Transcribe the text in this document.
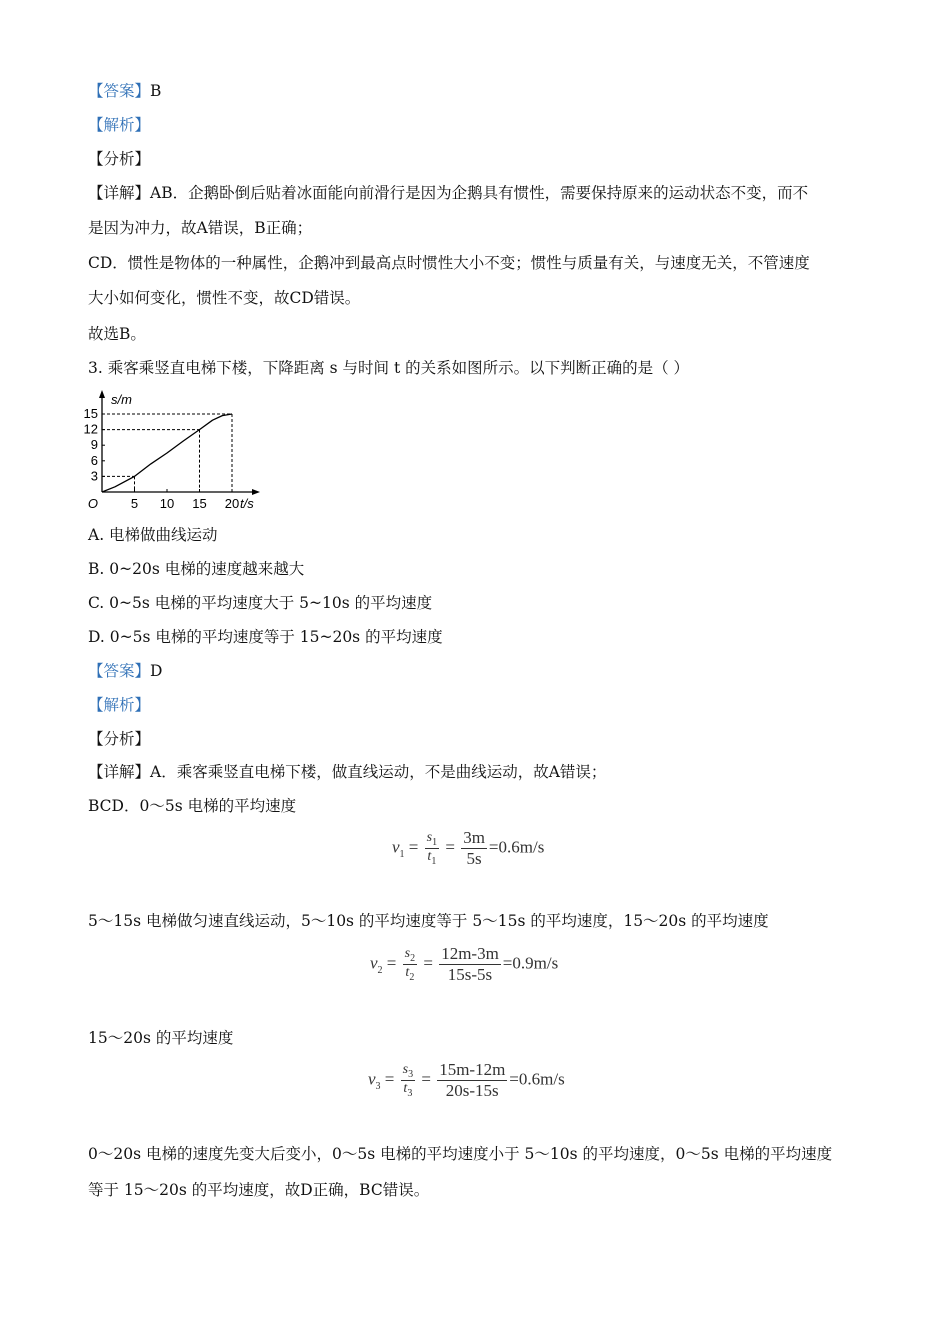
【答案】B
【解析】
【分析】
【详解】AB．企鹅卧倒后贴着冰面能向前滑行是因为企鹅具有惯性，需要保持原来的运动状态不变，而不
是因为冲力，故A错误，B正确；
CD．惯性是物体的一种属性，企鹅冲到最高点时惯性大小不变；惯性与质量有关，与速度无关，不管速度
大小如何变化，惯性不变，故CD错误。
故选B。
3. 乘客乘竖直电梯下楼，下降距离 s 与时间 t 的关系如图所示。以下判断正确的是（ ）
5 10 15 20
3
6
9
12
15
O
s/m
t/s
A. 电梯做曲线运动
B. 0~20s 电梯的速度越来越大
C. 0~5s 电梯的平均速度大于 5~10s 的平均速度
D. 0~5s 电梯的平均速度等于 15~20s 的平均速度
【答案】D
【解析】
【分析】
【详解】A．乘客乘竖直电梯下楼，做直线运动，不是曲线运动，故A错误；
BCD．0～5s 电梯的平均速度
$v_1 = \frac{s_1}{t_1} = \frac{3m}{5s} =0.6m/s$
5～15s 电梯做匀速直线运动，5～10s 的平均速度等于 5～15s 的平均速度，15～20s 的平均速度
$v_2 = \frac{s_2}{t_2} = \frac{12m-3m}{15s-5s} =0.9m/s$
15～20s 的平均速度
$v_3 = \frac{s_3}{t_3} = \frac{15m-12m}{20s-15s} =0.6m/s$
0～20s 电梯的速度先变大后变小，0～5s 电梯的平均速度小于 5～10s 的平均速度，0～5s 电梯的平均速度
等于 15～20s 的平均速度，故D正确，BC错误。
